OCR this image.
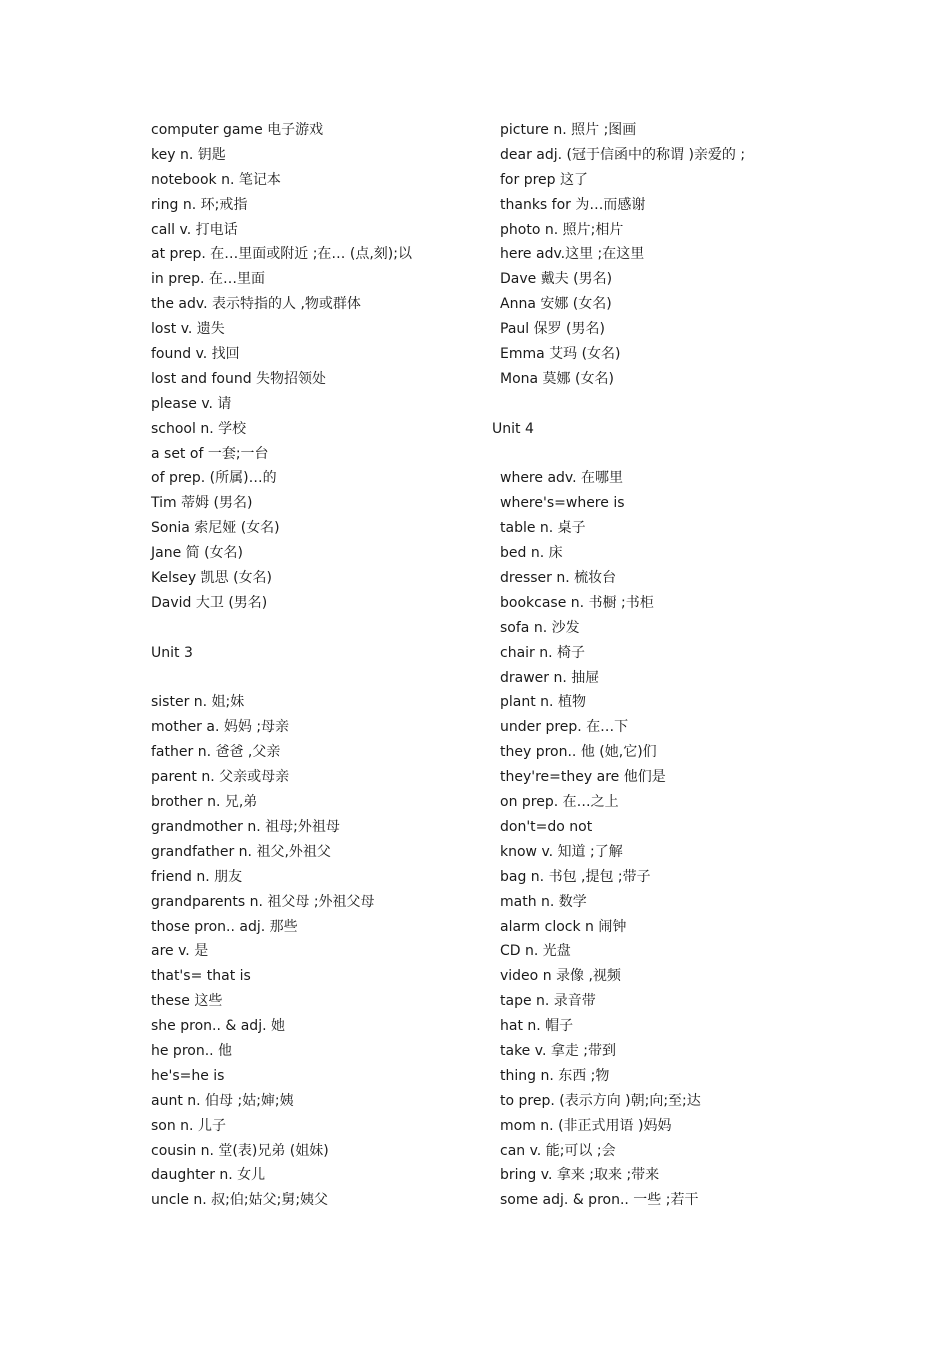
computer game 电子游戏
key n. 钥匙
notebook n. 笔记本
ring n. 环;戒指
call v. 打电话
at prep. 在…里面或附近 ;在… (点,刻);以
in prep. 在…里面
the adv. 表示特指的人 ,物或群体
lost v. 遗失
found v. 找回
lost and found 失物招领处
please v. 请
school n. 学校
a set of 一套;一台
of prep. (所属)…的
Tim 蒂姆 (男名)
Sonia 索尼娅 (女名)
Jane 简 (女名)
Kelsey 凯思 (女名)
David 大卫 (男名)
Unit 3
sister n. 姐;妹
mother a. 妈妈 ;母亲
father n. 爸爸 ,父亲
parent n. 父亲或母亲
brother n. 兄,弟
grandmother n. 祖母;外祖母
grandfather n. 祖父,外祖父
friend n. 朋友
grandparents n. 祖父母 ;外祖父母
those pron.. adj. 那些
are v. 是
that's= that is
these 这些
she pron.. & adj. 她
he pron.. 他
he's=he is
aunt n. 伯母 ;姑;婶;姨
son n. 儿子
cousin n. 堂(表)兄弟 (姐妹)
daughter n. 女儿
uncle n. 叔;伯;姑父;舅;姨父
picture n. 照片 ;图画
dear adj. (冠于信函中的称谓 )亲爱的 ;
for prep 这了
thanks for 为…而感谢
photo n. 照片;相片
here adv.这里 ;在这里
Dave 戴夫 (男名)
Anna 安娜 (女名)
Paul 保罗 (男名)
Emma 艾玛 (女名)
Mona 莫娜 (女名)
Unit 4
where adv. 在哪里
where's=where is
table n. 桌子
bed n. 床
dresser n. 梳妆台
bookcase n. 书橱 ;书柜
sofa n. 沙发
chair n. 椅子
drawer n. 抽屉
plant n. 植物
under prep. 在…下
they pron.. 他 (她,它)们
they're=they are 他们是
on prep. 在…之上
don't=do not
know v. 知道 ;了解
bag n. 书包 ,提包 ;带子
math n. 数学
alarm clock n 闹钟
CD n. 光盘
video n 录像 ,视频
tape n. 录音带
hat n. 帽子
take v. 拿走 ;带到
thing n. 东西 ;物
to prep. (表示方向 )朝;向;至;达
mom n. (非正式用语 )妈妈
can v. 能;可以 ;会
bring v. 拿来 ;取来 ;带来
some adj. & pron.. 一些 ;若干
